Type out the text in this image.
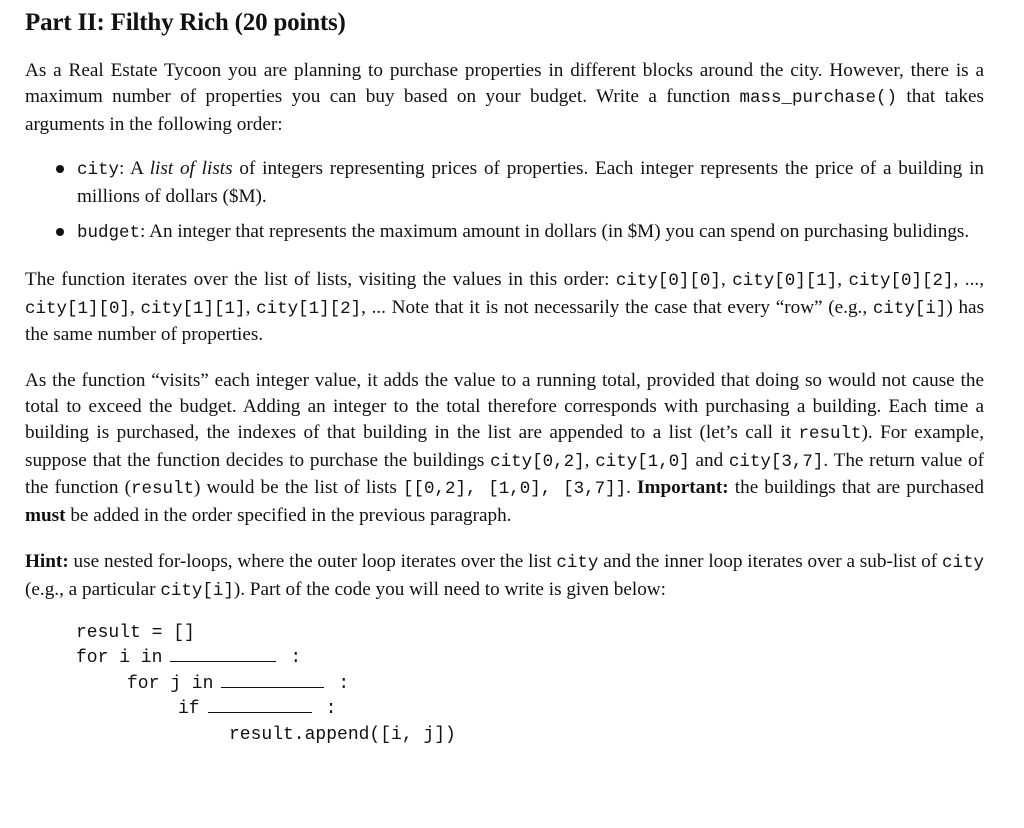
Part II: Filthy Rich (20 points)

As a Real Estate Tycoon you are planning to purchase properties in different blocks around the city. However, there is a maximum number of properties you can buy based on your budget. Write a function mass_purchase() that takes arguments in the following order:

city: A list of lists of integers representing prices of properties. Each integer represents the price of a building in millions of dollars ($M).
budget: An integer that represents the maximum amount in dollars (in $M) you can spend on purchasing bulidings.

The function iterates over the list of lists, visiting the values in this order: city[0][0], city[0][1], city[0][2], ..., city[1][0], city[1][1], city[1][2], ... Note that it is not necessarily the case that every “row” (e.g., city[i]) has the same number of properties.

As the function “visits” each integer value, it adds the value to a running total, provided that doing so would not cause the total to exceed the budget. Adding an integer to the total therefore corresponds with purchasing a building. Each time a building is purchased, the indexes of that building in the list are appended to a list (let’s call it result). For example, suppose that the function decides to purchase the buildings city[0,2], city[1,0] and city[3,7]. The return value of the function (result) would be the list of lists [[0,2], [1,0], [3,7]]. Important: the buildings that are purchased must be added in the order specified in the previous paragraph.

Hint: use nested for-loops, where the outer loop iterates over the list city and the inner loop iterates over a sub-list of city (e.g., a particular city[i]). Part of the code you will need to write is given below:

result = []
for i in	:
for j in	:
if	:
result.append([i, j])
